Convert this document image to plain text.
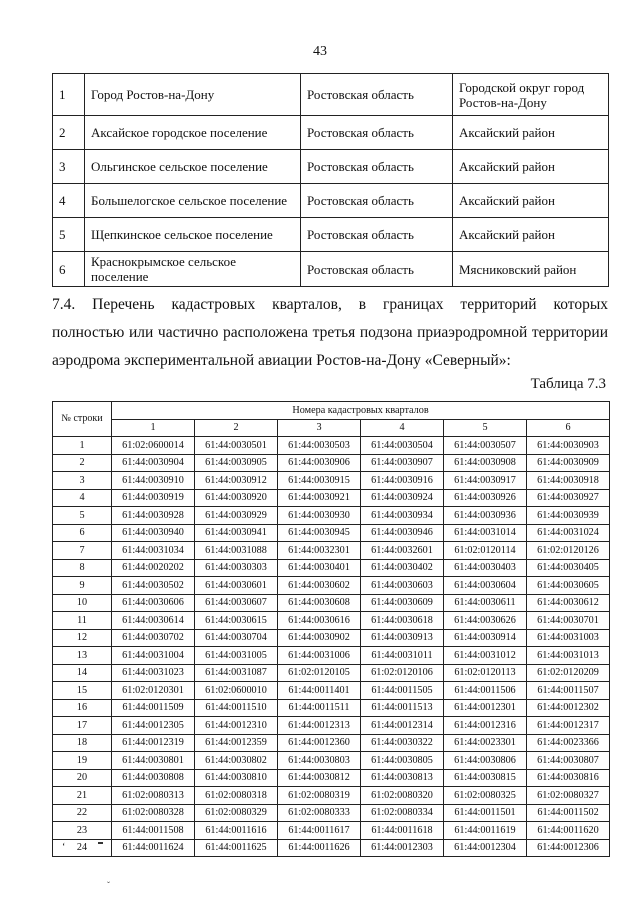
43
1	Город Ростов-на-Дону	Ростовская область	Городской округ город Ростов-на-Дону
2	Аксайское городское поселение	Ростовская область	Аксайский район
3	Ольгинское сельское поселение	Ростовская область	Аксайский район
4	Большелогское сельское поселение	Ростовская область	Аксайский район
5	Щепкинское сельское поселение	Ростовская область	Аксайский район
6	Краснокрымское сельское поселение	Ростовская область	Мясниковский район
7.4. Перечень кадастровых кварталов, в границах территорий которых
полностью или частично расположена третья подзона приаэродромной территории
аэродрома экспериментальной авиации Ростов-на-Дону «Северный»:
Таблица 7.3
№ строки	Номера кадастровых кварталов					
	1	2	3	4	5	6
1	61:02:0600014	61:44:0030501	61:44:0030503	61:44:0030504	61:44:0030507	61:44:0030903
2	61:44:0030904	61:44:0030905	61:44:0030906	61:44:0030907	61:44:0030908	61:44:0030909
3	61:44:0030910	61:44:0030912	61:44:0030915	61:44:0030916	61:44:0030917	61:44:0030918
4	61:44:0030919	61:44:0030920	61:44:0030921	61:44:0030924	61:44:0030926	61:44:0030927
5	61:44:0030928	61:44:0030929	61:44:0030930	61:44:0030934	61:44:0030936	61:44:0030939
6	61:44:0030940	61:44:0030941	61:44:0030945	61:44:0030946	61:44:0031014	61:44:0031024
7	61:44:0031034	61:44:0031088	61:44:0032301	61:44:0032601	61:02:0120114	61:02:0120126
8	61:44:0020202	61:44:0030303	61:44:0030401	61:44:0030402	61:44:0030403	61:44:0030405
9	61:44:0030502	61:44:0030601	61:44:0030602	61:44:0030603	61:44:0030604	61:44:0030605
10	61:44:0030606	61:44:0030607	61:44:0030608	61:44:0030609	61:44:0030611	61:44:0030612
11	61:44:0030614	61:44:0030615	61:44:0030616	61:44:0030618	61:44:0030626	61:44:0030701
12	61:44:0030702	61:44:0030704	61:44:0030902	61:44:0030913	61:44:0030914	61:44:0031003
13	61:44:0031004	61:44:0031005	61:44:0031006	61:44:0031011	61:44:0031012	61:44:0031013
14	61:44:0031023	61:44:0031087	61:02:0120105	61:02:0120106	61:02:0120113	61:02:0120209
15	61:02:0120301	61:02:0600010	61:44:0011401	61:44:0011505	61:44:0011506	61:44:0011507
16	61:44:0011509	61:44:0011510	61:44:0011511	61:44:0011513	61:44:0012301	61:44:0012302
17	61:44:0012305	61:44:0012310	61:44:0012313	61:44:0012314	61:44:0012316	61:44:0012317
18	61:44:0012319	61:44:0012359	61:44:0012360	61:44:0030322	61:44:0023301	61:44:0023366
19	61:44:0030801	61:44:0030802	61:44:0030803	61:44:0030805	61:44:0030806	61:44:0030807
20	61:44:0030808	61:44:0030810	61:44:0030812	61:44:0030813	61:44:0030815	61:44:0030816
21	61:02:0080313	61:02:0080318	61:02:0080319	61:02:0080320	61:02:0080325	61:02:0080327
22	61:02:0080328	61:02:0080329	61:02:0080333	61:02:0080334	61:44:0011501	61:44:0011502
23	61:44:0011508	61:44:0011616	61:44:0011617	61:44:0011618	61:44:0011619	61:44:0011620
24	61:44:0011624	61:44:0011625	61:44:0011626	61:44:0012303	61:44:0012304	61:44:0012306
ʻ
ˇ
